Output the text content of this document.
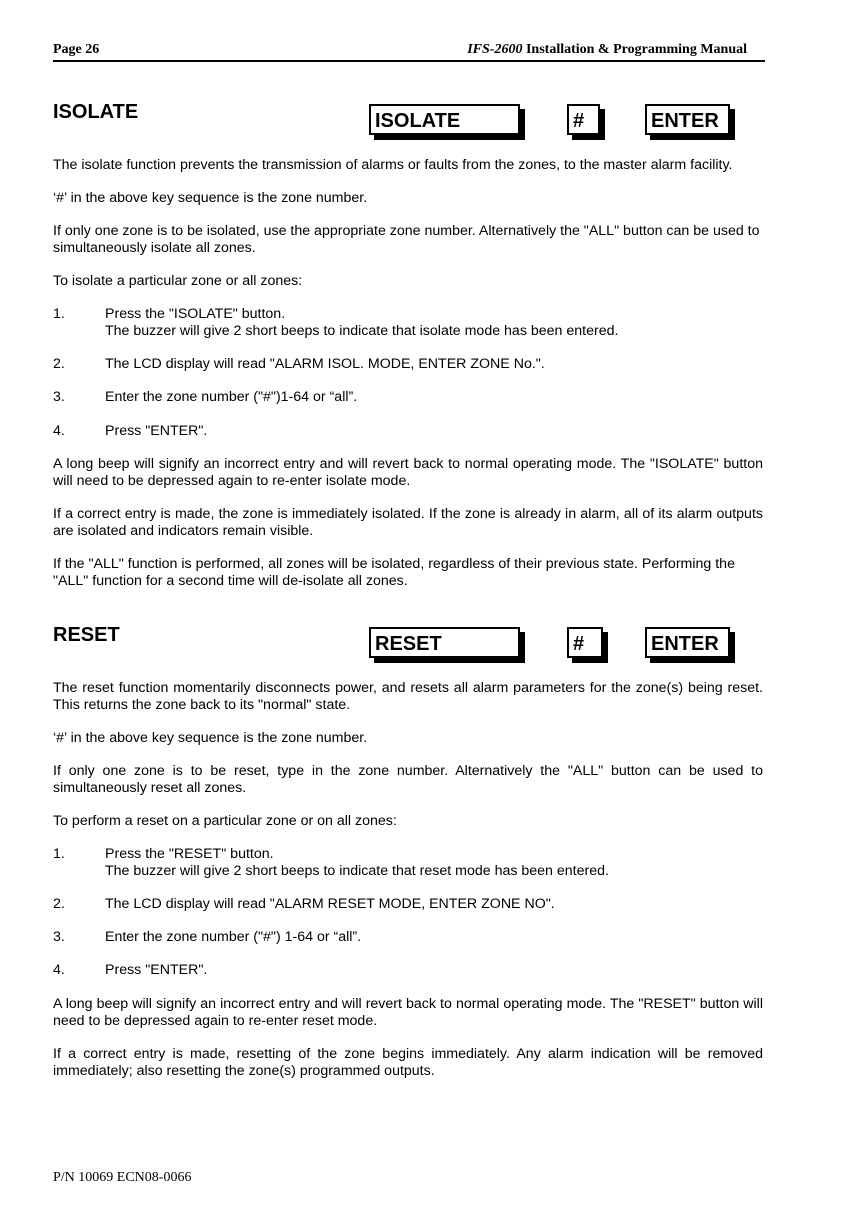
Page 26	IFS-2600 Installation & Programming Manual
ISOLATE	ISOLATE	#	ENTER
The isolate function prevents the transmission of alarms or faults from the zones, to the master alarm facility.
‘#’ in the above key sequence is the zone number.
If only one zone is to be isolated, use the appropriate zone number. Alternatively the "ALL" button can be used to simultaneously isolate all zones.
To isolate a particular zone or all zones:
1.	Press the "ISOLATE" button.
The buzzer will give 2 short beeps to indicate that isolate mode has been entered.
2.	The LCD display will read "ALARM ISOL. MODE, ENTER ZONE No.".
3.	Enter the zone number ("#")1-64 or “all”.
4.	Press "ENTER".
A long beep will signify an incorrect entry and will revert back to normal operating mode. The "ISOLATE" button will need to be depressed again to re-enter isolate mode.
If a correct entry is made, the zone is immediately isolated. If the zone is already in alarm, all of its alarm outputs are isolated and indicators remain visible.
If the "ALL" function is performed, all zones will be isolated, regardless of their previous state. Performing the "ALL" function for a second time will de-isolate all zones.
RESET	RESET	#	ENTER
The reset function momentarily disconnects power, and resets all alarm parameters for the zone(s) being reset. This returns the zone back to its "normal" state.
‘#’ in the above key sequence is the zone number.
If only one zone is to be reset, type in the zone number. Alternatively the "ALL" button can be used to simultaneously reset all zones.
To perform a reset on a particular zone or on all zones:
1.	Press the "RESET" button.
The buzzer will give 2 short beeps to indicate that reset mode has been entered.
2.	The LCD display will read "ALARM RESET MODE, ENTER ZONE NO".
3.	Enter the zone number ("#") 1-64 or “all”.
4.	Press "ENTER".
A long beep will signify an incorrect entry and will revert back to normal operating mode. The "RESET" button will need to be depressed again to re-enter reset mode.
If a correct entry is made, resetting of the zone begins immediately. Any alarm indication will be removed immediately; also resetting the zone(s) programmed outputs.
P/N 10069 ECN08-0066
